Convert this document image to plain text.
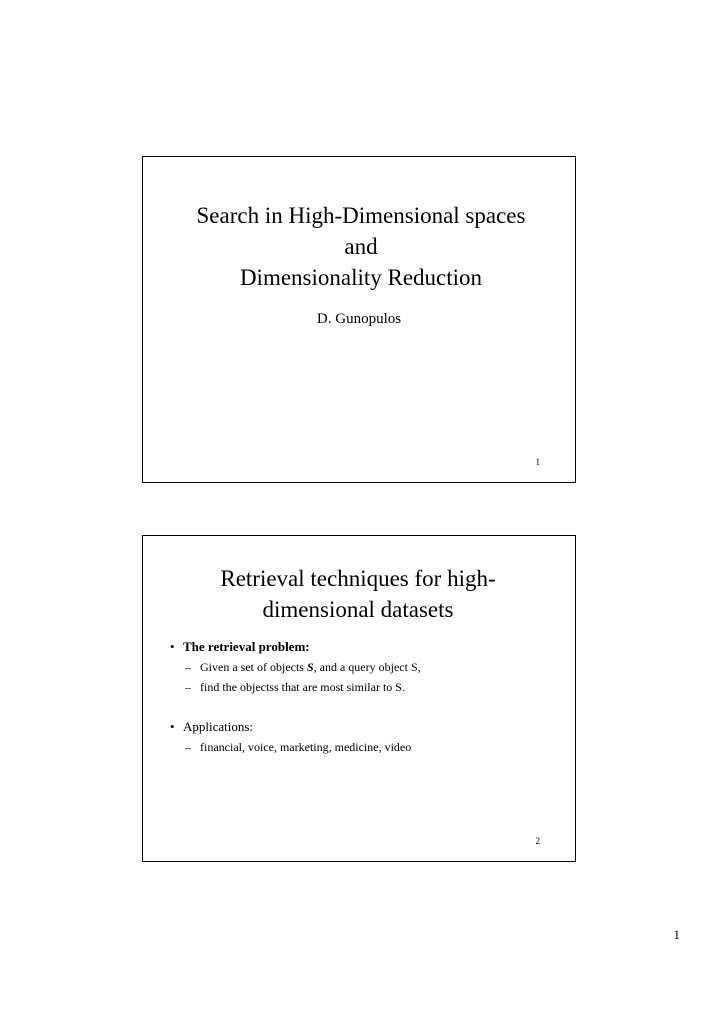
Search in High-Dimensional spaces
and
Dimensionality Reduction
D. Gunopulos
1
Retrieval techniques for high-
dimensional datasets
• The retrieval problem:
– Given a set of objects S, and a query object S,
– find the objectss that are most similar to S.
• Applications:
– financial, voice, marketing, medicine, video
2
1
